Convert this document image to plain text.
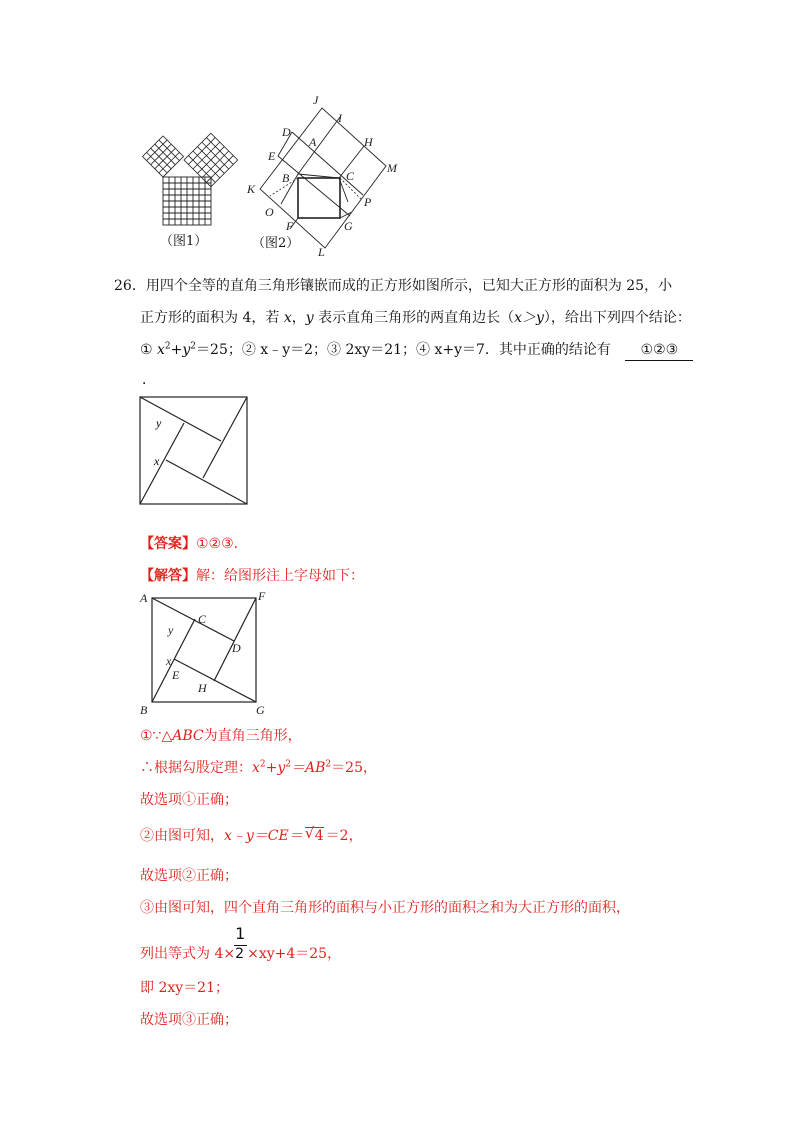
（图1）
J
I
D
A	H
E
M
B	C
K
O
P
F	G
L
（图2）
26．用四个全等的直角三角形镶嵌而成的正方形如图所示，已知大正方形的面积为 25，小
正方形的面积为 4，若 x，y 表示直角三角形的两直角边长（x＞y），给出下列四个结论：
① $x^2+y^2=25$；② x﹣y＝2；③ 2xy＝21；④ x+y＝7．其中正确的结论有 ①②③
．
y
x
【答案】①②③．
【解答】解：给图形注上字母如下：
A	F
C
D
y
x
E
H
B	G
①∵△ABC为直角三角形，
∴根据勾股定理：$x^2+y^2=AB^2=25$，
故选项①正确；
②由图可知，x﹣y＝CE＝ √ 4 ＝2，
故选项②正确；
③由图可知，四个直角三角形的面积与小正方形的面积之和为大正方形的面积，
列出等式为 $4\times \frac{1}{2} \times xy+4=25$，
即 2xy＝21；
故选项③正确；
